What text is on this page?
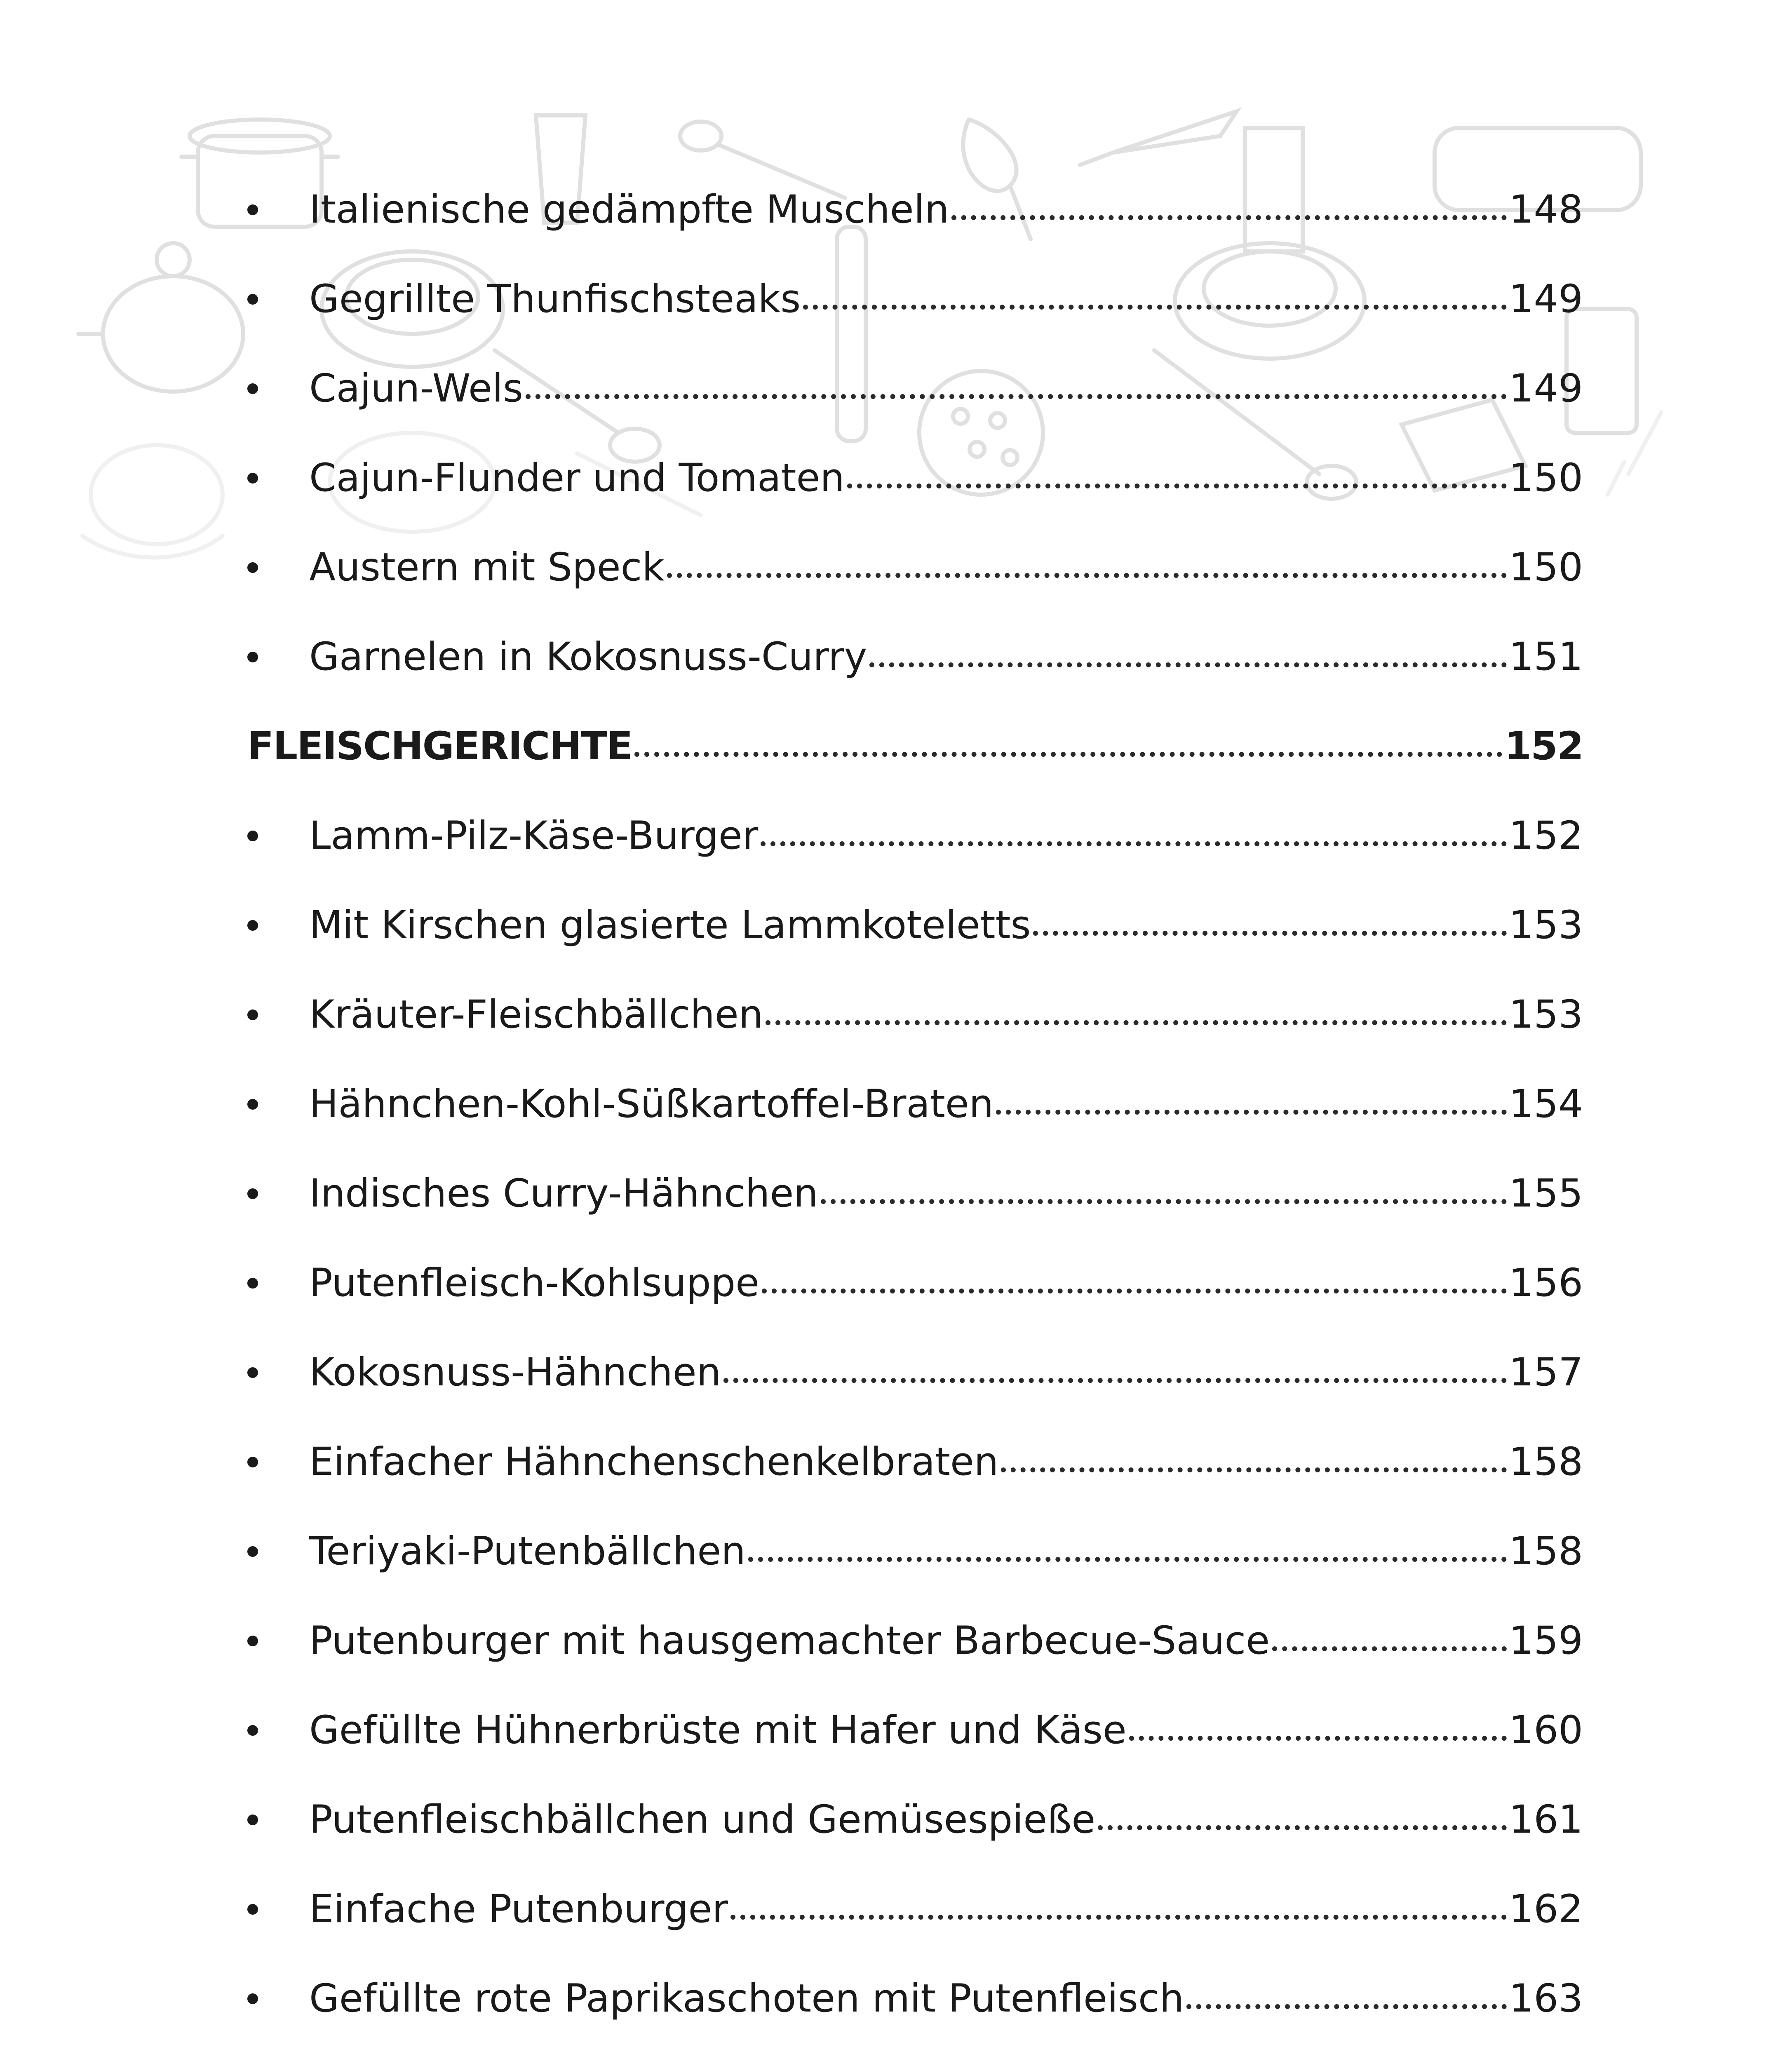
Italienische gedämpfte Muscheln	148
Gegrillte Thunfischsteaks	149
Cajun-Wels	149
Cajun-Flunder und Tomaten	150
Austern mit Speck	150
Garnelen in Kokosnuss-Curry	151
FLEISCHGERICHTE	152
Lamm-Pilz-Käse-Burger	152
Mit Kirschen glasierte Lammkoteletts	153
Kräuter-Fleischbällchen	153
Hähnchen-Kohl-Süßkartoffel-Braten	154
Indisches Curry-Hähnchen	155
Putenfleisch-Kohlsuppe	156
Kokosnuss-Hähnchen	157
Einfacher Hähnchenschenkelbraten	158
Teriyaki-Putenbällchen	158
Putenburger mit hausgemachter Barbecue-Sauce	159
Gefüllte Hühnerbrüste mit Hafer und Käse	160
Putenfleischbällchen und Gemüsespieße	161
Einfache Putenburger	162
Gefüllte rote Paprikaschoten mit Putenfleisch	163
